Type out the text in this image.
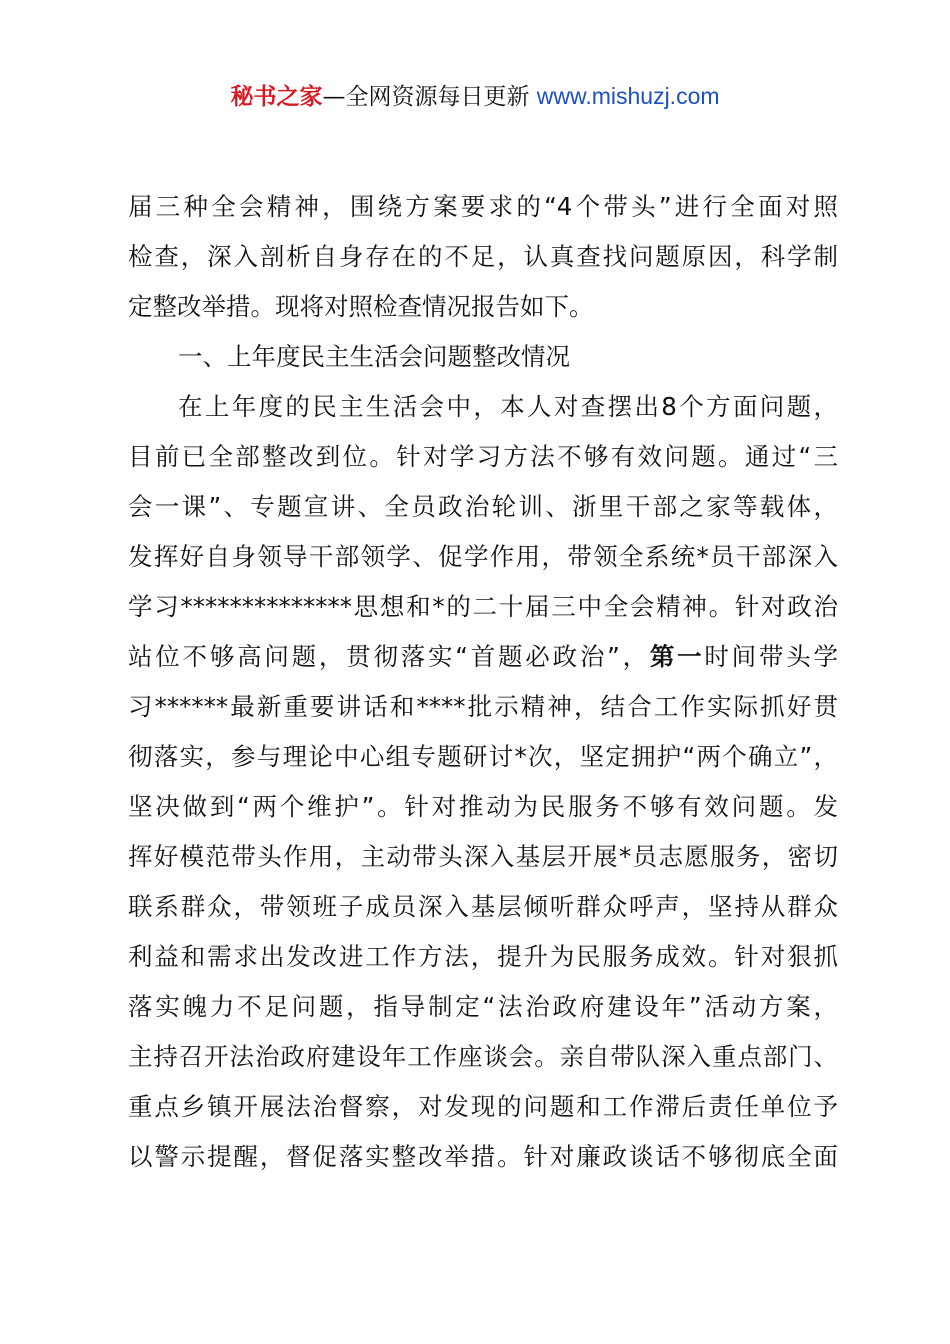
秘书之家—全网资源每日更新 www.mishuzj.com
届三种全会精神，围绕方案要求的“4个带头”进行全面对照
检查，深入剖析自身存在的不足，认真查找问题原因，科学制
定整改举措。现将对照检查情况报告如下。
一、上年度民主生活会问题整改情况
在上年度的民主生活会中，本人对查摆出8个方面问题，
目前已全部整改到位。针对学习方法不够有效问题。通过“三
会一课”、专题宣讲、全员政治轮训、浙里干部之家等载体，
发挥好自身领导干部领学、促学作用，带领全系统*员干部深入
学习**************思想和*的二十届三中全会精神。针对政治
站位不够高问题，贯彻落实“首题必政治”，第一时间带头学
习******最新重要讲话和****批示精神，结合工作实际抓好贯
彻落实，参与理论中心组专题研讨*次，坚定拥护“两个确立”，
坚决做到“两个维护”。针对推动为民服务不够有效问题。发
挥好模范带头作用，主动带头深入基层开展*员志愿服务，密切
联系群众，带领班子成员深入基层倾听群众呼声，坚持从群众
利益和需求出发改进工作方法，提升为民服务成效。针对狠抓
落实魄力不足问题，指导制定“法治政府建设年”活动方案，
主持召开法治政府建设年工作座谈会。亲自带队深入重点部门、
重点乡镇开展法治督察，对发现的问题和工作滞后责任单位予
以警示提醒，督促落实整改举措。针对廉政谈话不够彻底全面
